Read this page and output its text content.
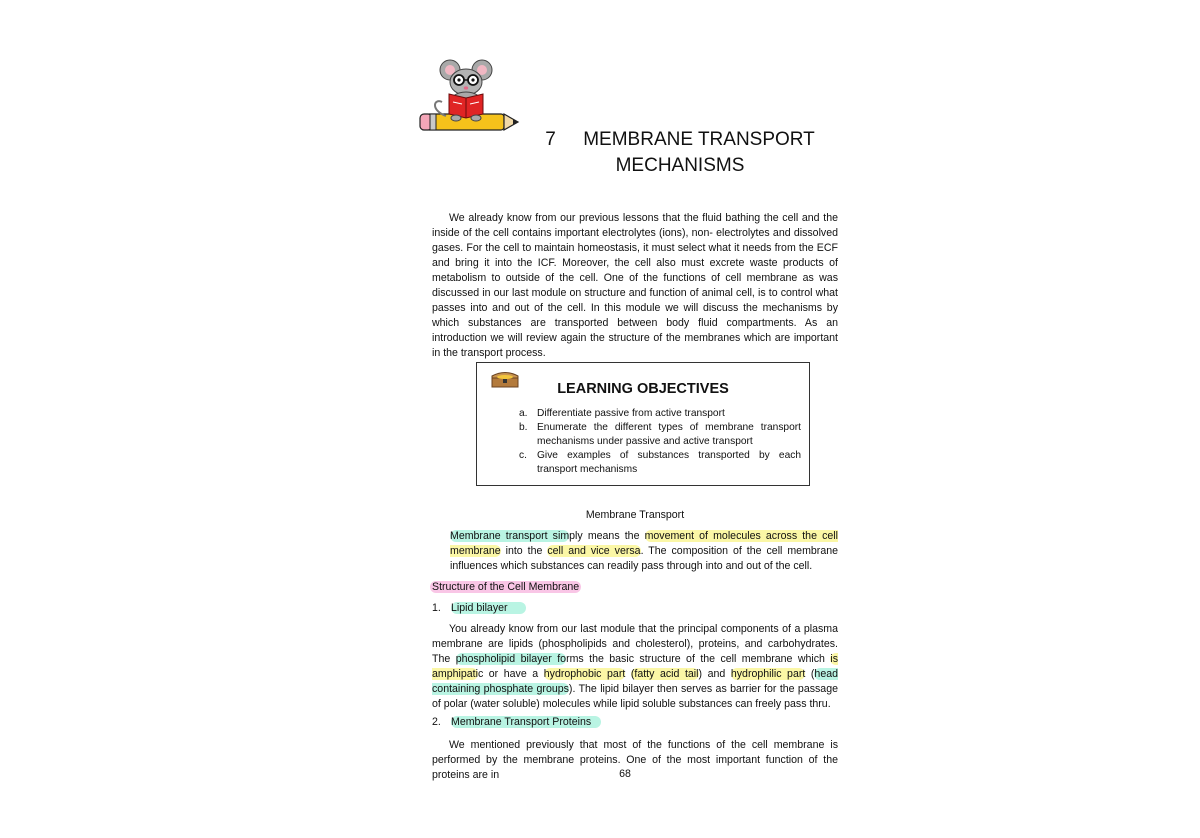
7 MEMBRANE TRANSPORT
MECHANISMS

We already know from our previous lessons that the fluid bathing the cell and the inside of the cell contains important electrolytes (ions), non- electrolytes and dissolved gases. For the cell to maintain homeostasis, it must select what it needs from the ECF and bring it into the ICF. Moreover, the cell also must excrete waste products of metabolism to outside of the cell. One of the functions of cell membrane as was discussed in our last module on structure and function of animal cell, is to control what passes into and out of the cell. In this module we will discuss the mechanisms by which substances are transported between body fluid compartments. As an introduction we will review again the structure of the membranes which are important in the transport process.

LEARNING OBJECTIVES
a. Differentiate passive from active transport
b. Enumerate the different types of membrane transport mechanisms under passive and active transport
c. Give examples of substances transported by each transport mechanisms
Membrane Transport

Membrane transport simply means the movement of molecules across the cell membrane into the cell and vice versa. The composition of the cell membrane influences which substances can readily pass through into and out of the cell.

Structure of the Cell Membrane
1. Lipid bilayer

You already know from our last module that the principal components of a plasma membrane are lipids (phospholipids and cholesterol), proteins, and carbohydrates. The phospholipid bilayer forms the basic structure of the cell membrane which is amphipatic or have a hydrophobic part (fatty acid tail) and hydrophilic part (head containing phosphate groups). The lipid bilayer then serves as barrier for the passage of polar (water soluble) molecules while lipid soluble substances can freely pass thru.

2. Membrane Transport Proteins

We mentioned previously that most of the functions of the cell membrane is performed by the membrane proteins. One of the most important function of the proteins are in	68
